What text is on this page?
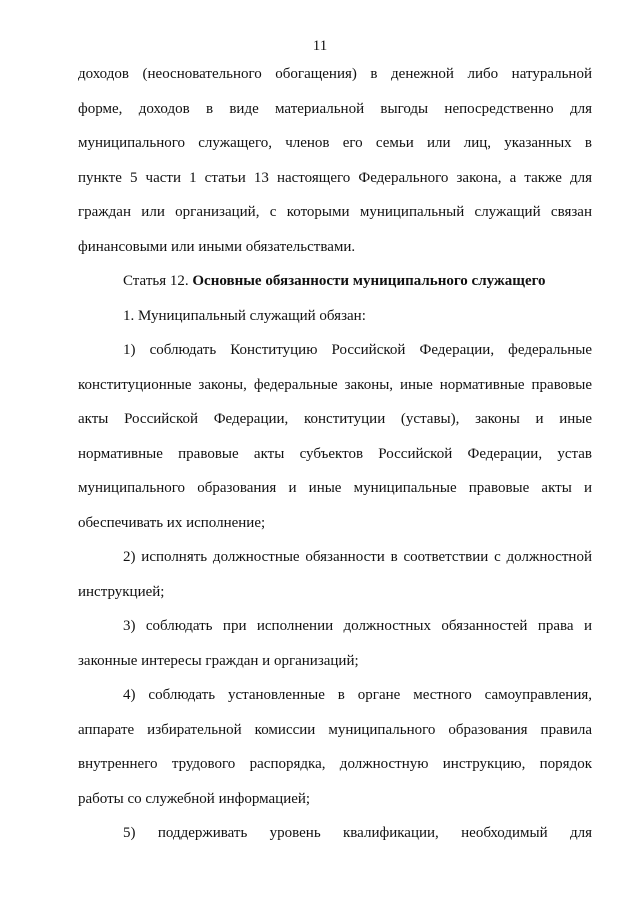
11
доходов (неосновательного обогащения) в денежной либо натуральной
форме, доходов в виде материальной выгоды непосредственно для
муниципального служащего, членов его семьи или лиц, указанных в
пункте 5 части 1 статьи 13 настоящего Федерального закона, а также для
граждан или организаций, с которыми муниципальный служащий связан
финансовыми или иными обязательствами.
Статья 12. Основные обязанности муниципального служащего
1. Муниципальный служащий обязан:
1) соблюдать Конституцию Российской Федерации, федеральные
конституционные законы, федеральные законы, иные нормативные правовые
акты Российской Федерации, конституции (уставы), законы и иные
нормативные правовые акты субъектов Российской Федерации, устав
муниципального образования и иные муниципальные правовые акты и
обеспечивать их исполнение;
2) исполнять должностные обязанности в соответствии с должностной
инструкцией;
3) соблюдать при исполнении должностных обязанностей права и
законные интересы граждан и организаций;
4) соблюдать установленные в органе местного самоуправления,
аппарате избирательной комиссии муниципального образования правила
внутреннего трудового распорядка, должностную инструкцию, порядок
работы со служебной информацией;
5) поддерживать уровень квалификации, необходимый для
